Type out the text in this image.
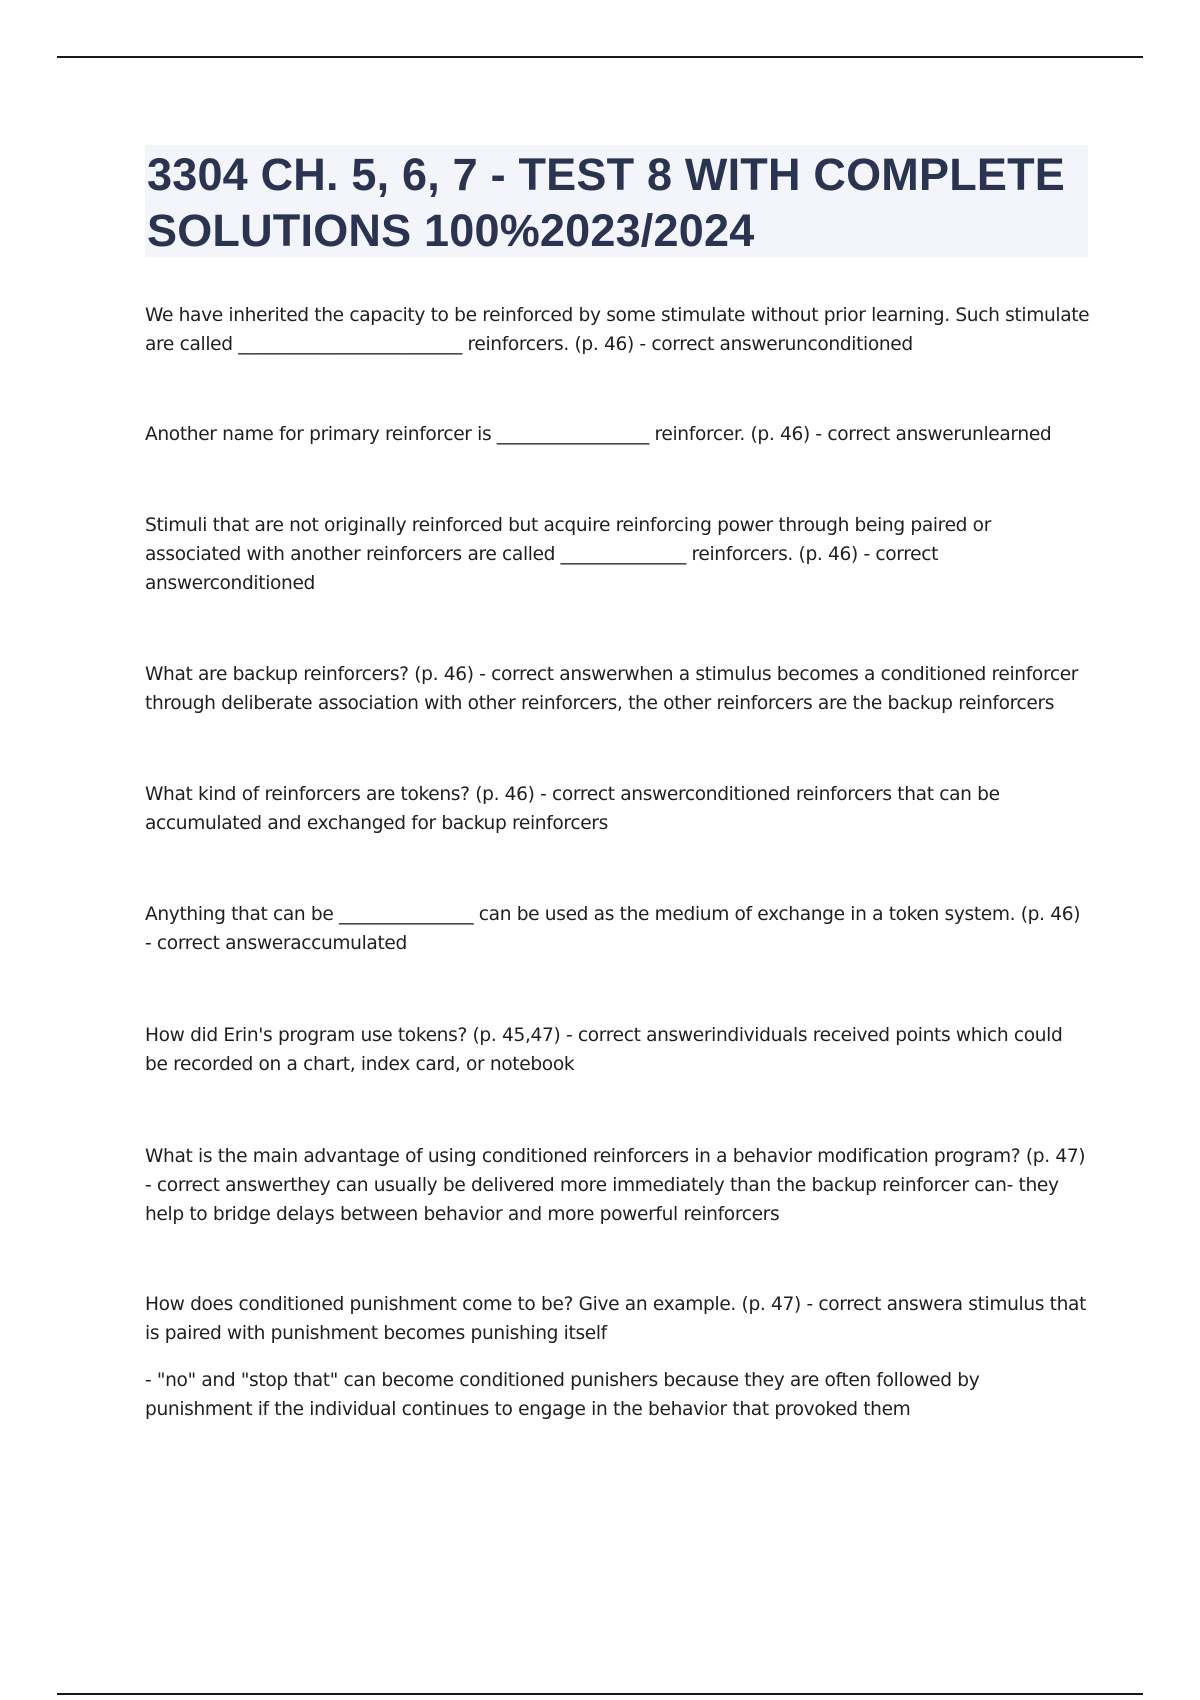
3304 CH. 5, 6, 7 - TEST 8 WITH COMPLETE SOLUTIONS 100%2023/2024

We have inherited the capacity to be reinforced by some stimulate without prior learning. Such stimulate are called _________________________ reinforcers. (p. 46) - correct answerunconditioned

Another name for primary reinforcer is _________________ reinforcer. (p. 46) - correct answerunlearned

Stimuli that are not originally reinforced but acquire reinforcing power through being paired or associated with another reinforcers are called ______________ reinforcers. (p. 46) - correct answerconditioned

What are backup reinforcers? (p. 46) - correct answerwhen a stimulus becomes a conditioned reinforcer through deliberate association with other reinforcers, the other reinforcers are the backup reinforcers

What kind of reinforcers are tokens? (p. 46) - correct answerconditioned reinforcers that can be accumulated and exchanged for backup reinforcers

Anything that can be _______________ can be used as the medium of exchange in a token system. (p. 46) - correct answeraccumulated

How did Erin's program use tokens? (p. 45,47) - correct answerindividuals received points which could be recorded on a chart, index card, or notebook

What is the main advantage of using conditioned reinforcers in a behavior modification program? (p. 47) - correct answerthey can usually be delivered more immediately than the backup reinforcer can- they help to bridge delays between behavior and more powerful reinforcers

How does conditioned punishment come to be? Give an example. (p. 47) - correct answera stimulus that is paired with punishment becomes punishing itself

- "no" and "stop that" can become conditioned punishers because they are often followed by punishment if the individual continues to engage in the behavior that provoked them
